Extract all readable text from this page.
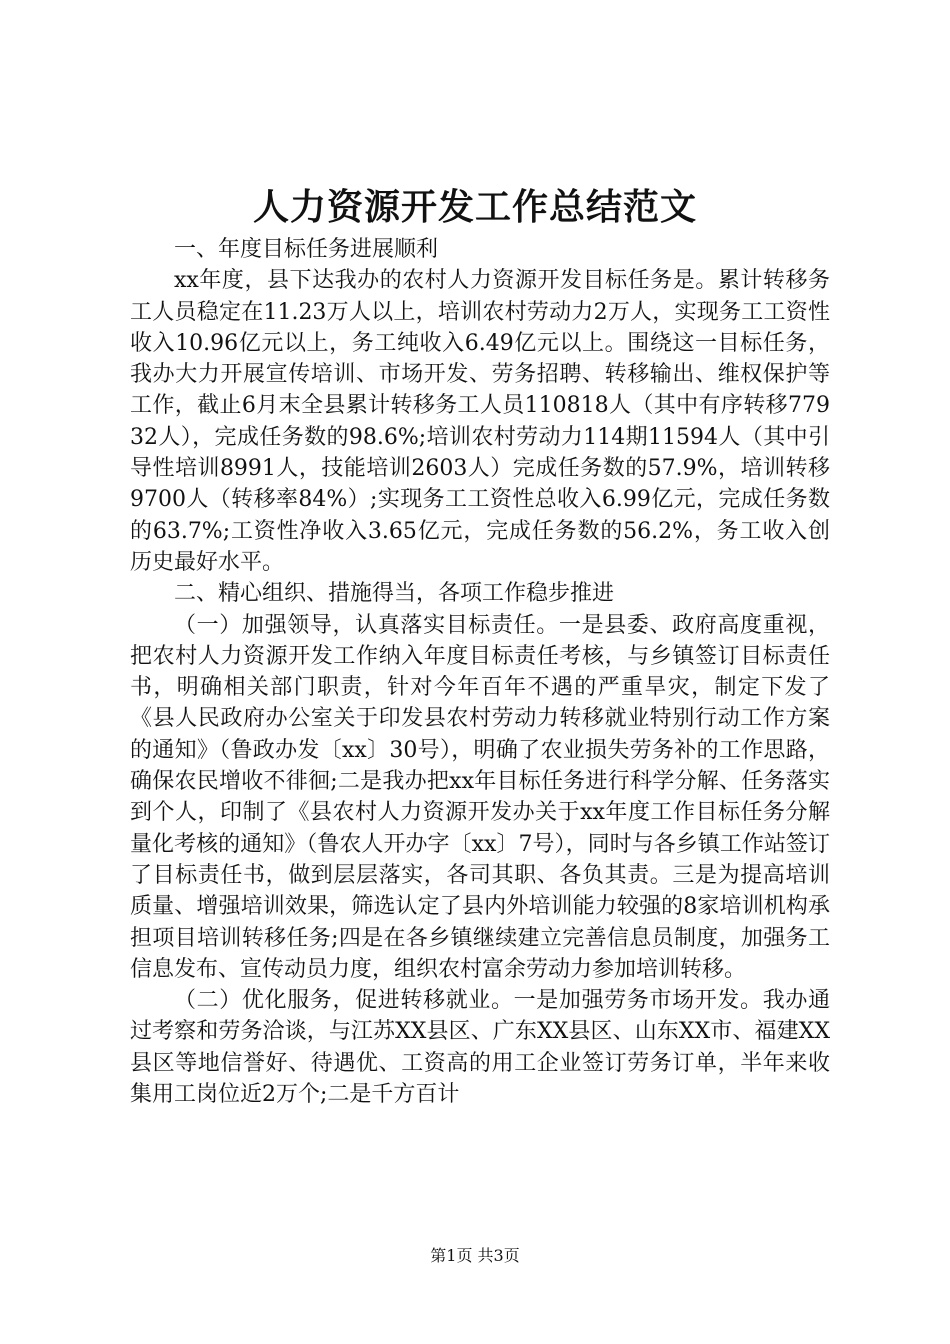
人力资源开发工作总结范文

一、年度目标任务进展顺利

xx年度，县下达我办的农村人力资源开发目标任务是。累计转移务工人员稳定在11.23万人以上，培训农村劳动力2万人，实现务工工资性收入10.96亿元以上，务工纯收入6.49亿元以上。围绕这一目标任务，我办大力开展宣传培训、市场开发、劳务招聘、转移输出、维权保护等工作，截止6月末全县累计转移务工人员110818人（其中有序转移77932人），完成任务数的98.6%;培训农村劳动力114期11594人（其中引导性培训8991人，技能培训2603人）完成任务数的57.9%，培训转移9700人（转移率84%）;实现务工工资性总收入6.99亿元，完成任务数的63.7%;工资性净收入3.65亿元，完成任务数的56.2%，务工收入创历史最好水平。

二、精心组织、措施得当，各项工作稳步推进

（一）加强领导，认真落实目标责任。一是县委、政府高度重视，把农村人力资源开发工作纳入年度目标责任考核，与乡镇签订目标责任书，明确相关部门职责，针对今年百年不遇的严重旱灾，制定下发了《县人民政府办公室关于印发县农村劳动力转移就业特别行动工作方案的通知》（鲁政办发〔xx〕30号），明确了农业损失劳务补的工作思路，确保农民增收不徘徊;二是我办把xx年目标任务进行科学分解、任务落实到个人，印制了《县农村人力资源开发办关于xx年度工作目标任务分解量化考核的通知》（鲁农人开办字〔xx〕7号），同时与各乡镇工作站签订了目标责任书，做到层层落实，各司其职、各负其责。三是为提高培训质量、增强培训效果，筛选认定了县内外培训能力较强的8家培训机构承担项目培训转移任务;四是在各乡镇继续建立完善信息员制度，加强务工信息发布、宣传动员力度，组织农村富余劳动力参加培训转移。

（二）优化服务，促进转移就业。一是加强劳务市场开发。我办通过考察和劳务洽谈，与江苏XX县区、广东XX县区、山东XX市、福建XX县区等地信誉好、待遇优、工资高的用工企业签订劳务订单，半年来收集用工岗位近2万个;二是千方百计

第1页 共3页
